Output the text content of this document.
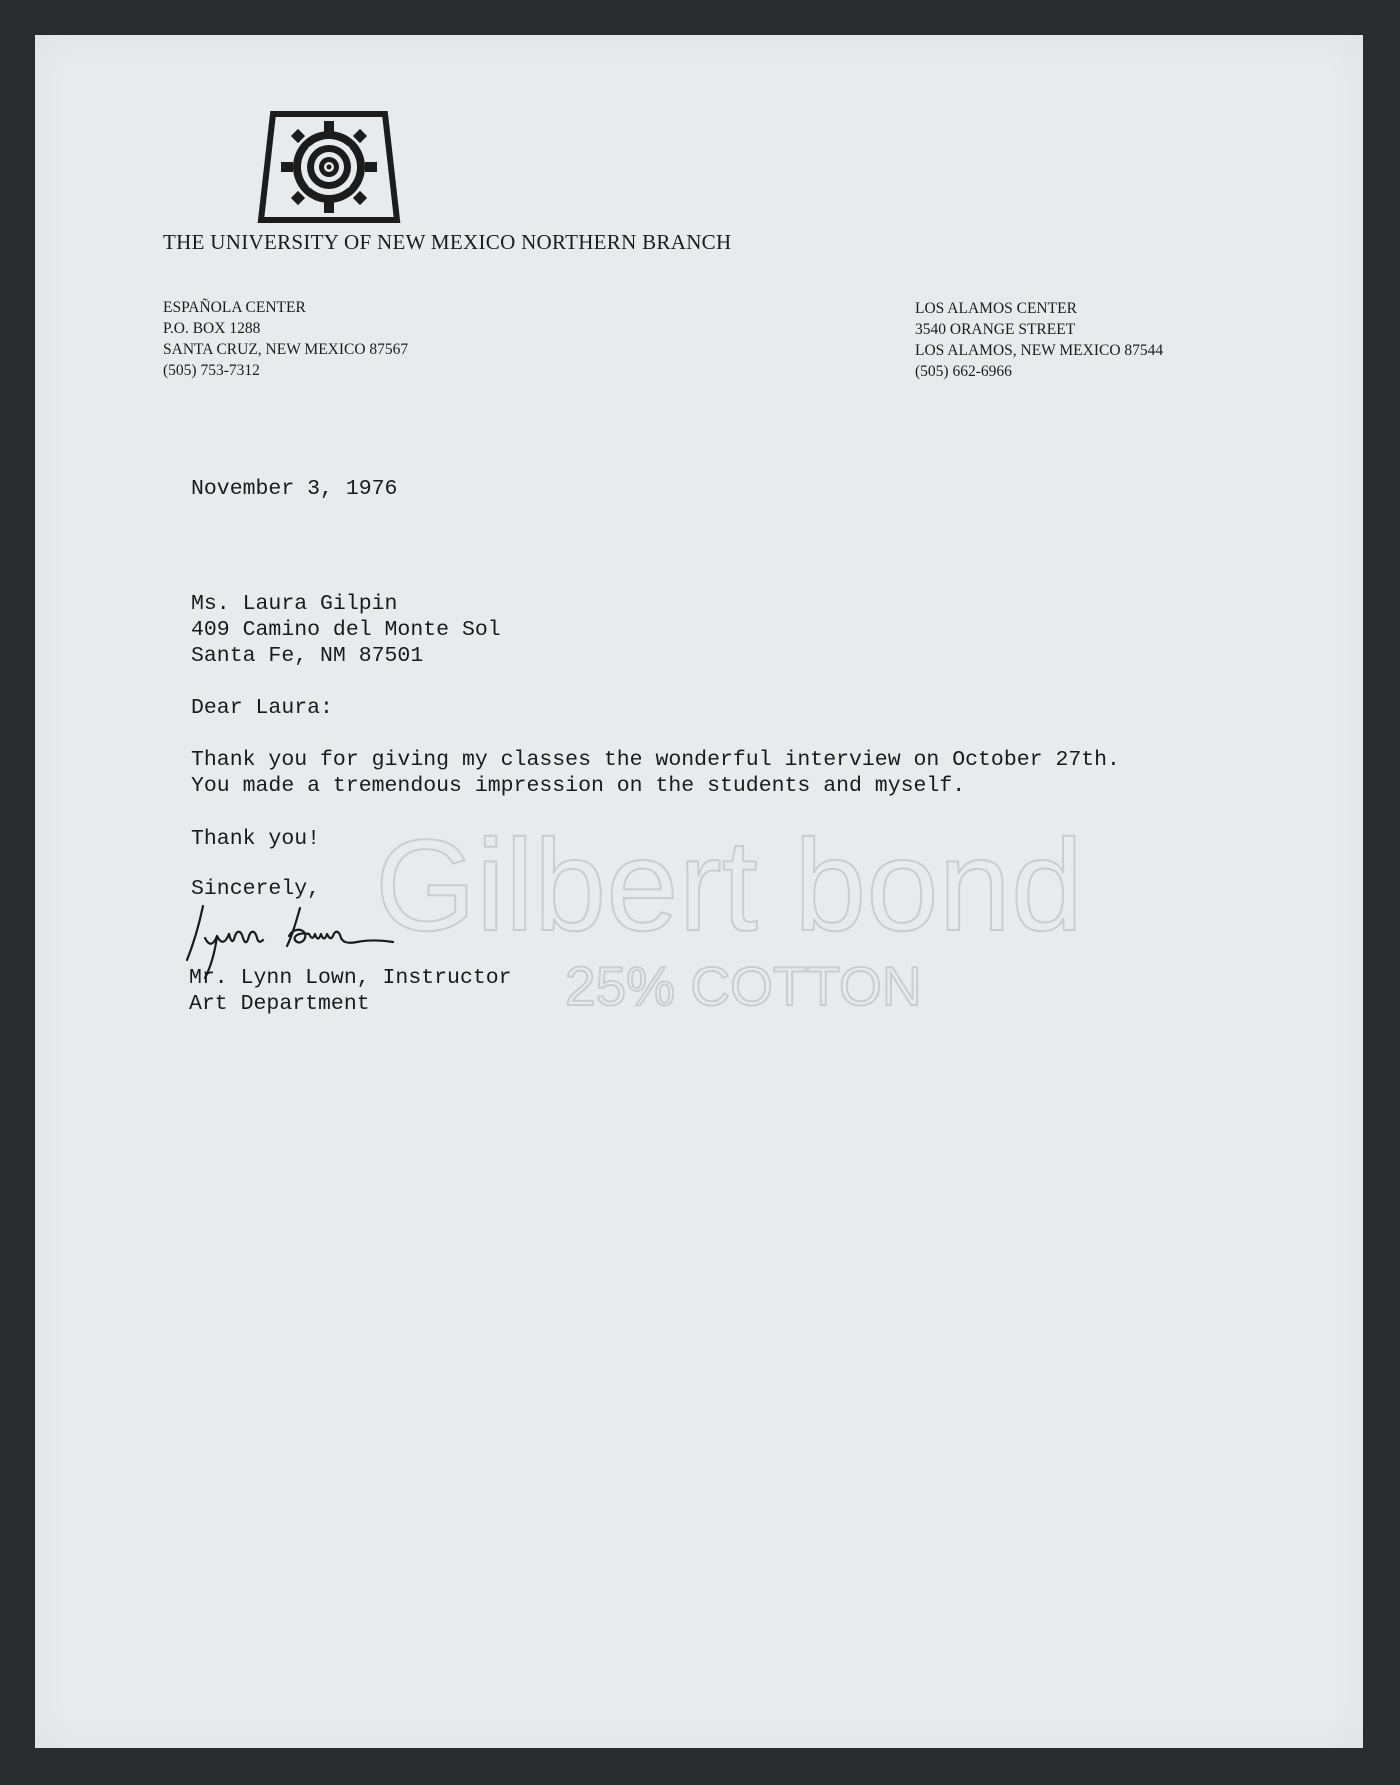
Gilbert bond
25% COTTON
THE UNIVERSITY OF NEW MEXICO NORTHERN BRANCH
ESPAÑOLA CENTER
P.O. BOX 1288
SANTA CRUZ, NEW MEXICO 87567
(505) 753-7312
LOS ALAMOS CENTER
3540 ORANGE STREET
LOS ALAMOS, NEW MEXICO 87544
(505) 662-6966
November 3, 1976
Ms. Laura Gilpin
409 Camino del Monte Sol
Santa Fe, NM 87501
Dear Laura:
Thank you for giving my classes the wonderful interview on October 27th.
You made a tremendous impression on the students and myself.
Thank you!
Sincerely,
Mr. Lynn Lown, Instructor
Art Department
